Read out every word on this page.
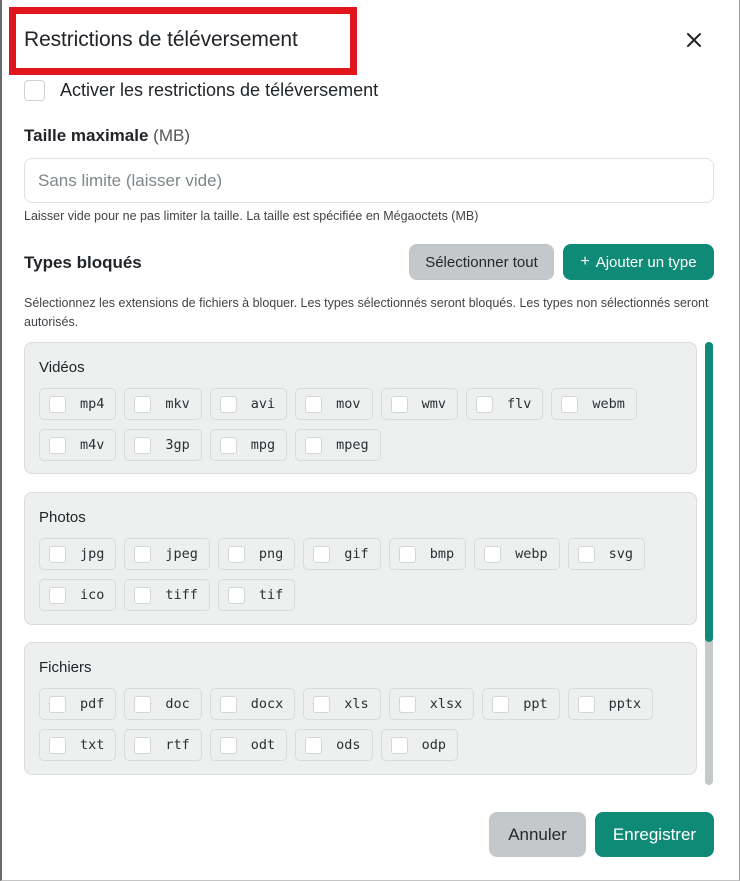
Restrictions de téléversement
Activer les restrictions de téléversement
Taille maximale (MB)
Sans limite (laisser vide)
Laisser vide pour ne pas limiter la taille. La taille est spécifiée en Mégaoctets (MB)
Types bloqués	Sélectionner tout	+ Ajouter un type
Sélectionnez les extensions de fichiers à bloquer. Les types sélectionnés seront bloqués. Les types non sélectionnés seront autorisés.
Vidéos
mp4	mkv	avi	mov	wmv	flv	webm
m4v	3gp	mpg	mpeg
Photos
jpg	jpeg	png	gif	bmp	webp	svg
ico	tiff	tif
Fichiers
pdf	doc	docx	xls	xlsx	ppt	pptx
txt	rtf	odt	ods	odp
Annuler	Enregistrer
